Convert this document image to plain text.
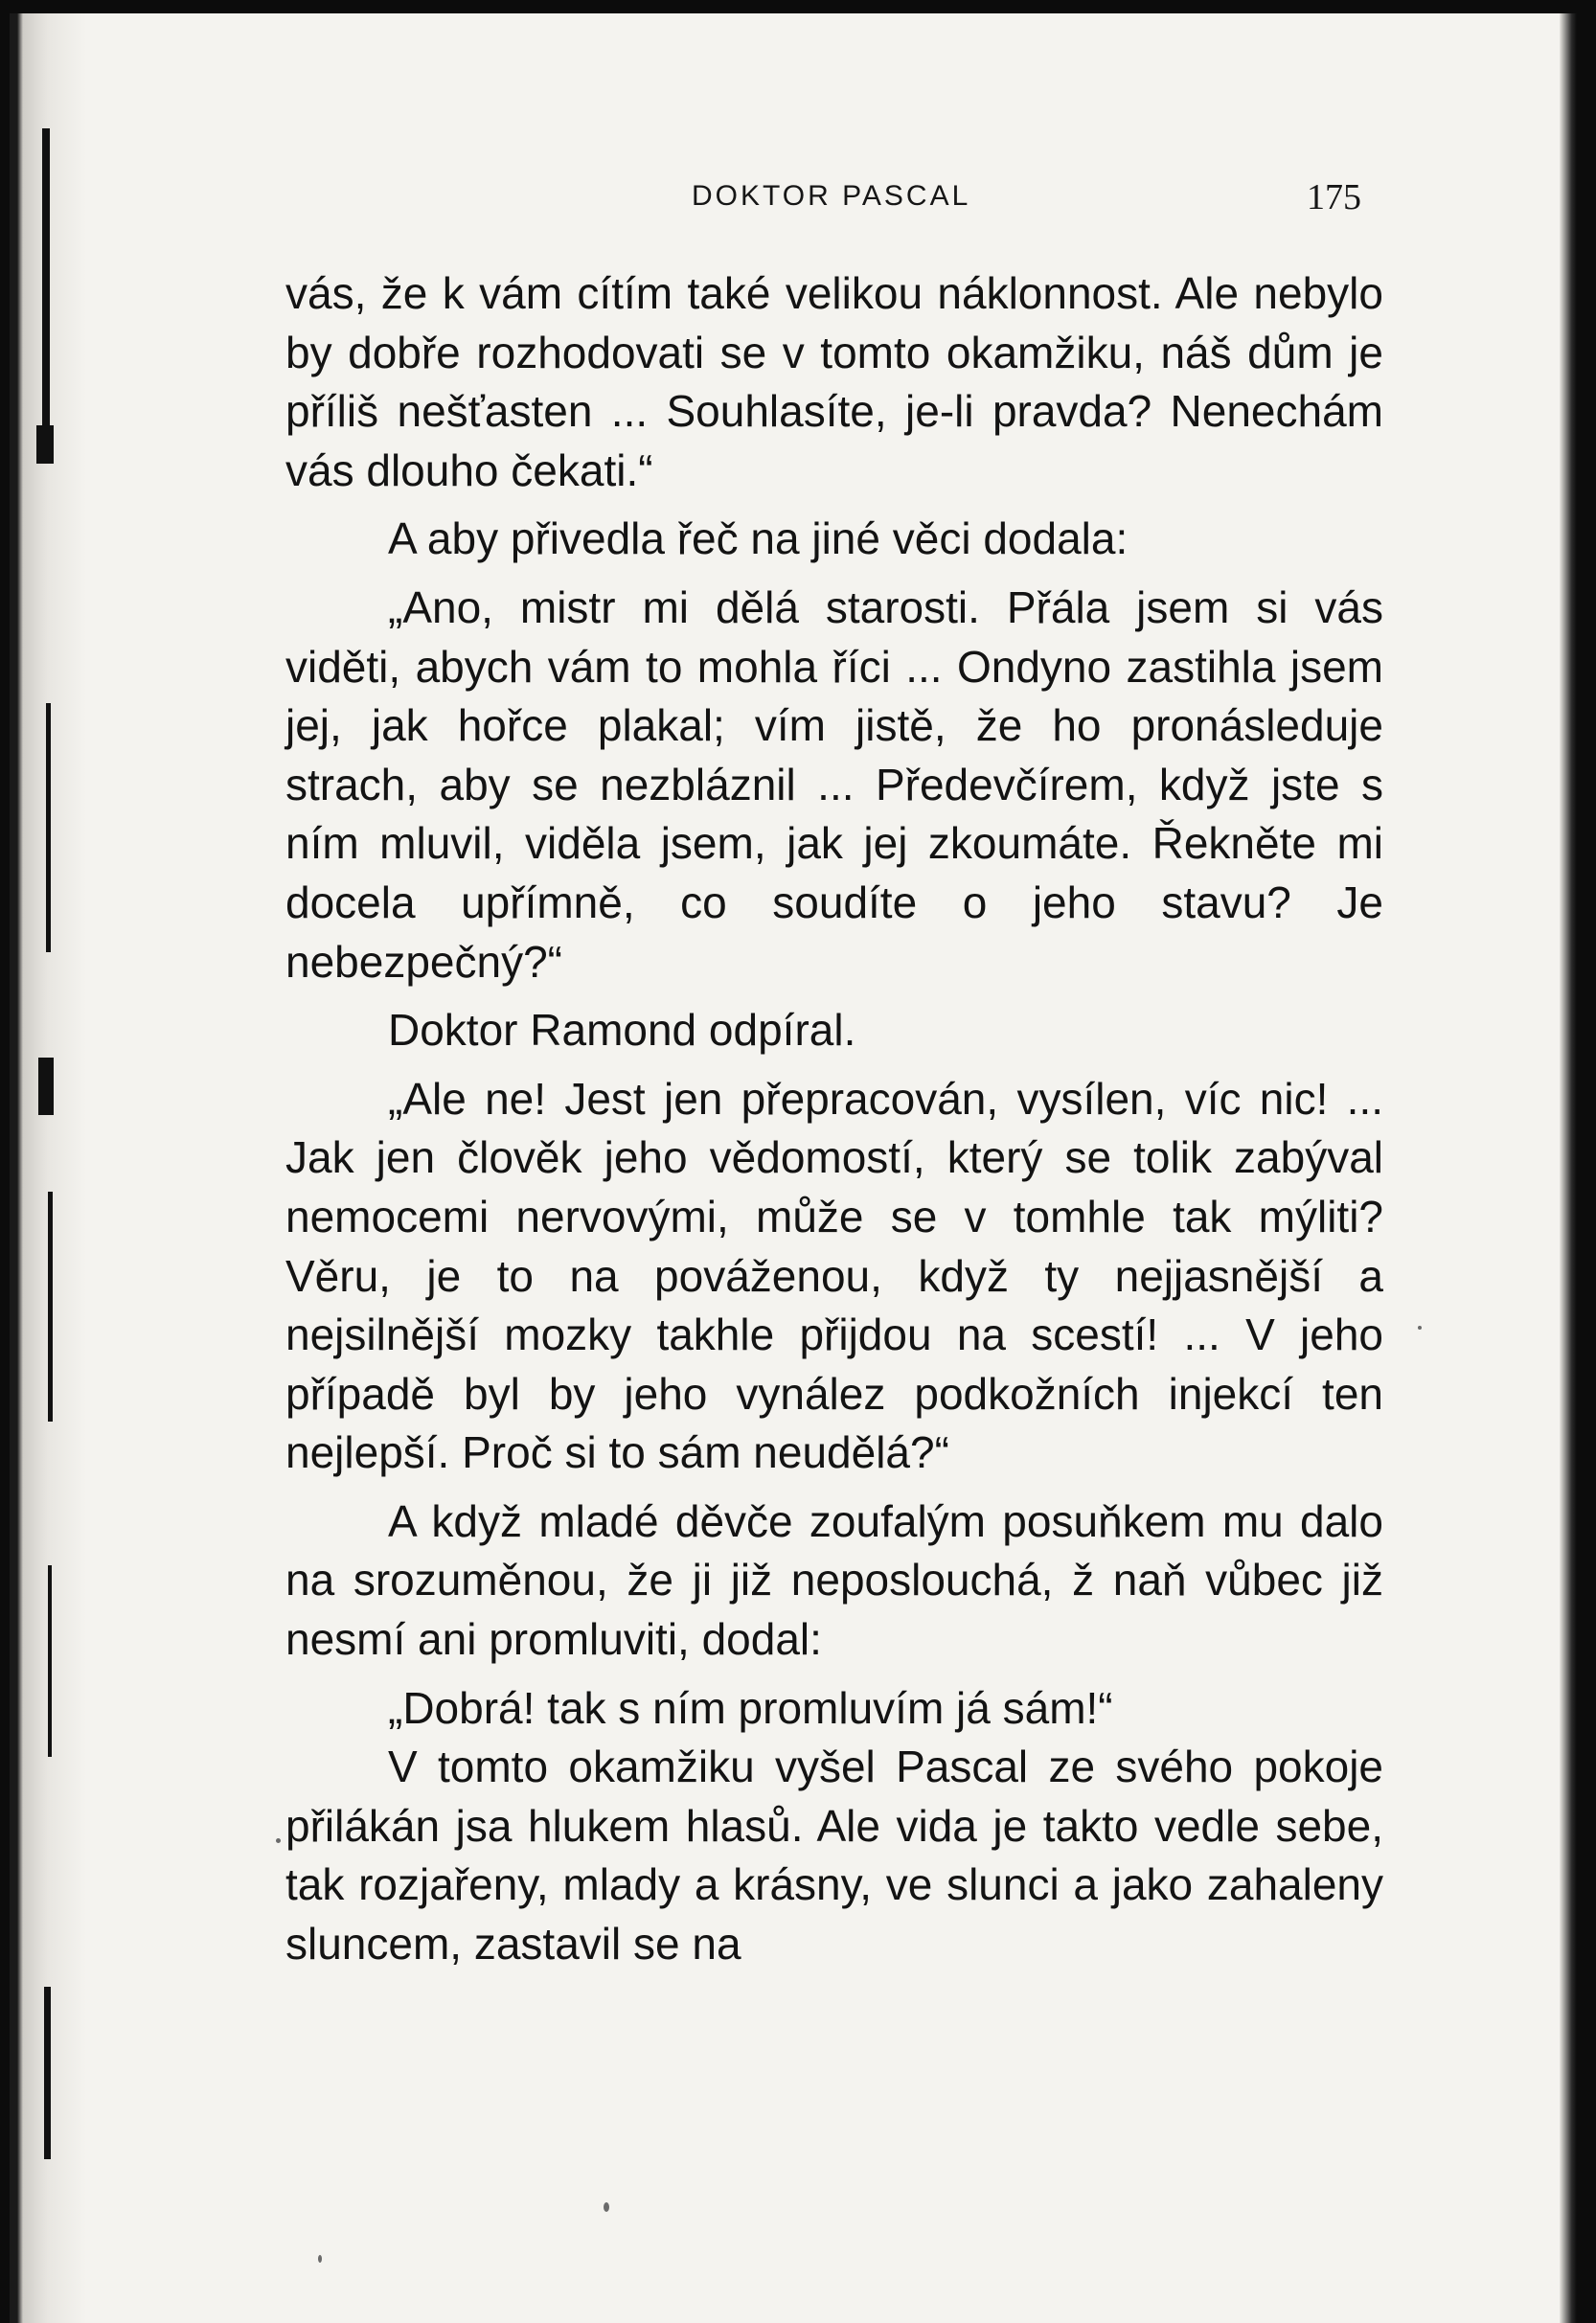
DOKTOR PASCAL	175

vás, že k vám cítím také velikou náklonnost. Ale nebylo by dobře rozhodovati se v tomto okamžiku, náš dům je příliš nešťasten ... Souhlasíte, je-li pravda? Nenechám vás dlouho čekati.“

A aby přivedla řeč na jiné věci dodala:

„Ano, mistr mi dělá starosti. Přála jsem si vás viděti, abych vám to mohla říci ... Ondyno zastihla jsem jej, jak hořce plakal; vím jistě, že ho pronásleduje strach, aby se nezbláznil ... Předevčírem, když jste s ním mluvil, viděla jsem, jak jej zkoumáte. Řekněte mi docela upřímně, co soudíte o jeho stavu? Je nebezpečný?“

Doktor Ramond odpíral.

„Ale ne! Jest jen přepracován, vysílen, víc nic! ... Jak jen člověk jeho vědomostí, který se tolik zabýval nemocemi nervovými, může se v tomhle tak mýliti? Věru, je to na pováženou, když ty nejjasnější a nejsilnější mozky takhle přijdou na scestí! ... V jeho případě byl by jeho vynález podkožních injekcí ten nejlepší. Proč si to sám neudělá?“

A když mladé děvče zoufalým posuňkem mu dalo na srozuměnou, že ji již neposlouchá, ž naň vůbec již nesmí ani promluviti, dodal:

„Dobrá! tak s ním promluvím já sám!“

V tomto okamžiku vyšel Pascal ze svého pokoje přilákán jsa hlukem hlasů. Ale vida je takto vedle sebe, tak rozjařeny, mlady a krásny, ve slunci a jako zahaleny sluncem, zastavil se na
